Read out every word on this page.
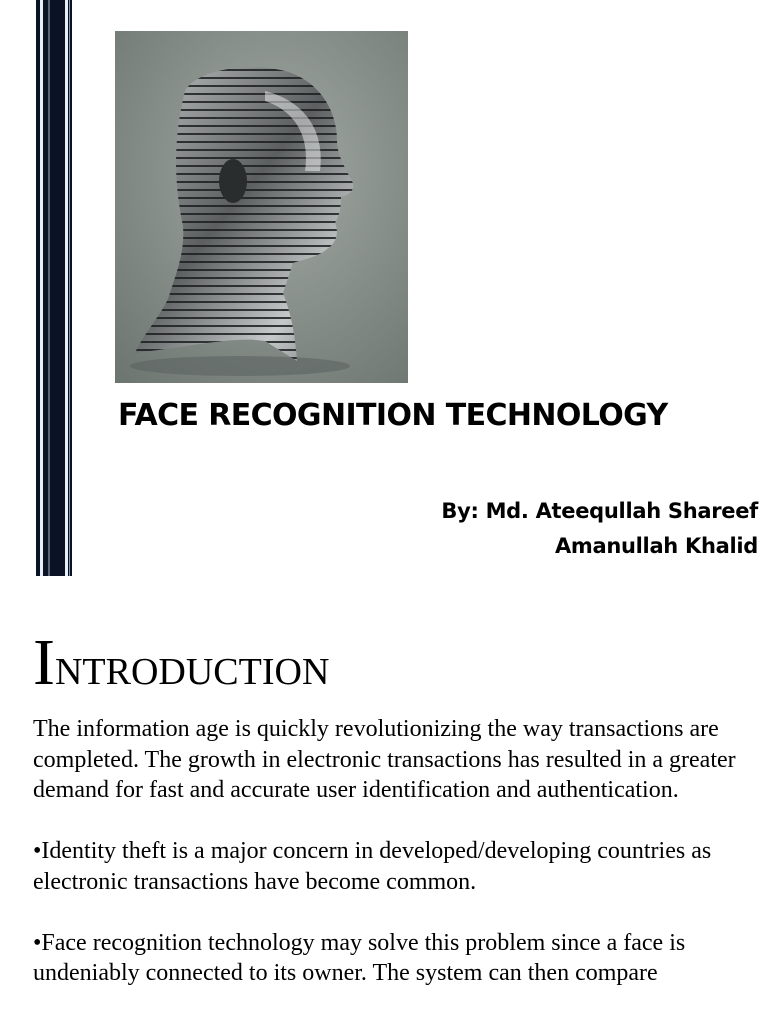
FACE RECOGNITION TECHNOLOGY
By: Md. Ateequllah Shareef
Amanullah Khalid
INTRODUCTION

The information age is quickly revolutionizing the way transactions are completed. The growth in electronic transactions has resulted in a greater demand for fast and accurate user identification and authentication.

•Identity theft is a major concern in developed/developing countries as electronic transactions have become common.

•Face recognition technology may solve this problem since a face is undeniably connected to its owner. The system can then compare
